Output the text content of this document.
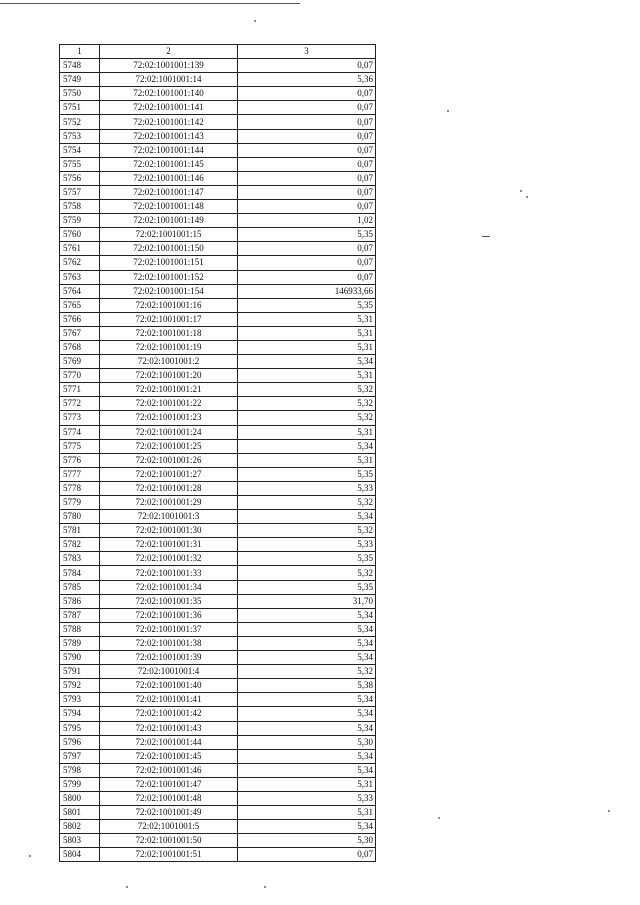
1	2	3
5748	72:02:1001001:139	0,07
5749	72:02:1001001:14	5,36
5750	72:02:1001001:140	0,07
5751	72:02:1001001:141	0,07
5752	72:02:1001001:142	0,07
5753	72:02:1001001:143	0,07
5754	72:02:1001001:144	0,07
5755	72:02:1001001:145	0,07
5756	72:02:1001001:146	0,07
5757	72:02:1001001:147	0,07
5758	72:02:1001001:148	0,07
5759	72:02:1001001:149	1,02
5760	72:02:1001001:15	5,35
5761	72:02:1001001:150	0,07
5762	72:02:1001001:151	0,07
5763	72:02:1001001:152	0,07
5764	72:02:1001001:154	146933,66
5765	72:02:1001001:16	5,35
5766	72:02:1001001:17	5,31
5767	72:02:1001001:18	5,31
5768	72:02:1001001:19	5,31
5769	72:02:1001001:2	5,34
5770	72:02:1001001:20	5,31
5771	72:02:1001001:21	5,32
5772	72:02:1001001:22	5,32
5773	72:02:1001001:23	5,32
5774	72:02:1001001:24	5,31
5775	72:02:1001001:25	5,34
5776	72:02:1001001:26	5,31
5777	72:02:1001001:27	5,35
5778	72:02:1001001:28	5,33
5779	72:02:1001001:29	5,32
5780	72:02:1001001:3	5,34
5781	72:02:1001001:30	5,32
5782	72:02:1001001:31	5,33
5783	72:02:1001001:32	5,35
5784	72:02:1001001:33	5,32
5785	72:02:1001001:34	5,35
5786	72:02:1001001:35	31,70
5787	72:02:1001001:36	5,34
5788	72:02:1001001:37	5,34
5789	72:02:1001001:38	5,34
5790	72:02:1001001:39	5,34
5791	72:02:1001001:4	5,32
5792	72:02:1001001:40	5,38
5793	72:02:1001001:41	5,34
5794	72:02:1001001:42	5,34
5795	72:02:1001001:43	5,34
5796	72:02:1001001:44	5,30
5797	72:02:1001001:45	5,34
5798	72:02:1001001:46	5,34
5799	72:02:1001001:47	5,31
5800	72:02:1001001:48	5,33
5801	72:02:1001001:49	5,31
5802	72:02:1001001:5	5,34
5803	72:02:1001001:50	5,30
5804	72:02:1001001:51	0,07
